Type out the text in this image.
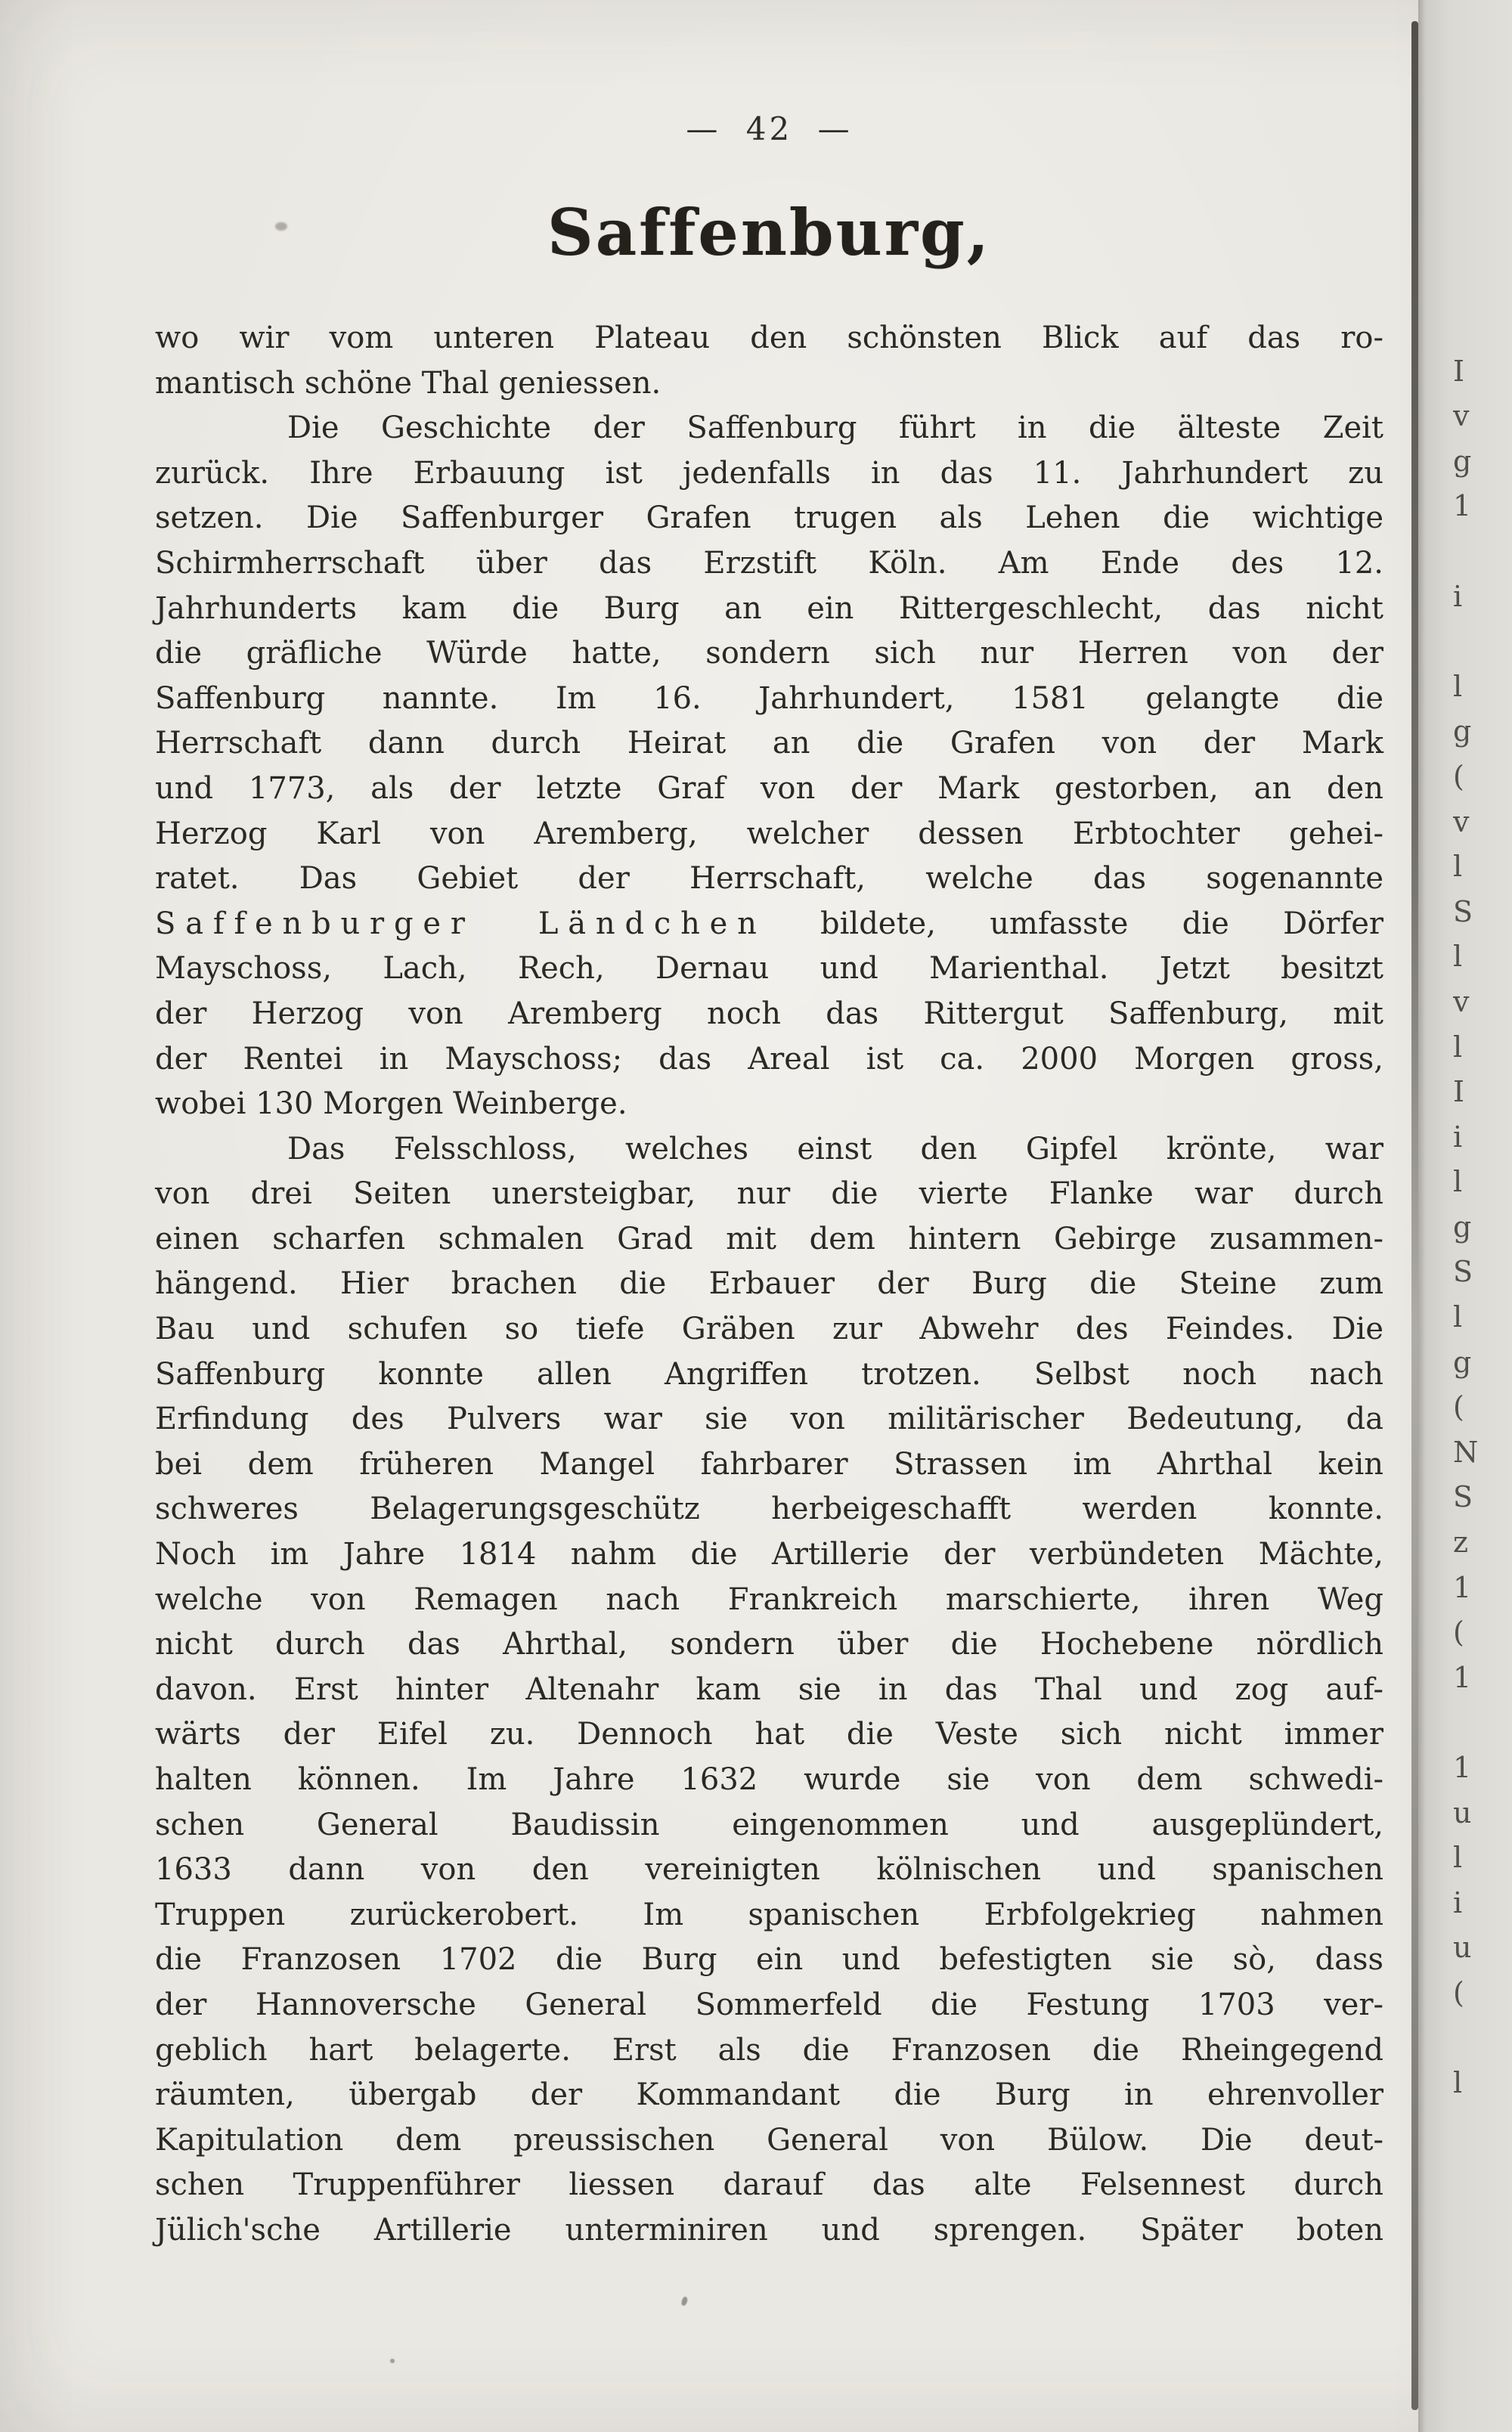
— 42 —
Saffenburg,
wo wir vom unteren Plateau den schönsten Blick auf das ro-
mantisch schöne Thal geniessen.
Die Geschichte der Saffenburg führt in die älteste Zeit
zurück. Ihre Erbauung ist jedenfalls in das 11. Jahrhundert zu
setzen. Die Saffenburger Grafen trugen als Lehen die wichtige
Schirmherrschaft über das Erzstift Köln. Am Ende des 12.
Jahrhunderts kam die Burg an ein Rittergeschlecht, das nicht
die gräfliche Würde hatte, sondern sich nur Herren von der
Saffenburg nannte. Im 16. Jahrhundert, 1581 gelangte die
Herrschaft dann durch Heirat an die Grafen von der Mark
und 1773, als der letzte Graf von der Mark gestorben, an den
Herzog Karl von Aremberg, welcher dessen Erbtochter gehei-
ratet. Das Gebiet der Herrschaft, welche das sogenannte
Saffenburger Ländchen bildete, umfasste die Dörfer
Mayschoss, Lach, Rech, Dernau und Marienthal. Jetzt besitzt
der Herzog von Aremberg noch das Rittergut Saffenburg, mit
der Rentei in Mayschoss; das Areal ist ca. 2000 Morgen gross,
wobei 130 Morgen Weinberge.
Das Felsschloss, welches einst den Gipfel krönte, war
von drei Seiten unersteigbar, nur die vierte Flanke war durch
einen scharfen schmalen Grad mit dem hintern Gebirge zusammen-
hängend. Hier brachen die Erbauer der Burg die Steine zum
Bau und schufen so tiefe Gräben zur Abwehr des Feindes. Die
Saffenburg konnte allen Angriffen trotzen. Selbst noch nach
Erfindung des Pulvers war sie von militärischer Bedeutung, da
bei dem früheren Mangel fahrbarer Strassen im Ahrthal kein
schweres Belagerungsgeschütz herbeigeschafft werden konnte.
Noch im Jahre 1814 nahm die Artillerie der verbündeten Mächte,
welche von Remagen nach Frankreich marschierte, ihren Weg
nicht durch das Ahrthal, sondern über die Hochebene nördlich
davon. Erst hinter Altenahr kam sie in das Thal und zog auf-
wärts der Eifel zu. Dennoch hat die Veste sich nicht immer
halten können. Im Jahre 1632 wurde sie von dem schwedi-
schen General Baudissin eingenommen und ausgeplündert,
1633 dann von den vereinigten kölnischen und spanischen
Truppen zurückerobert. Im spanischen Erbfolgekrieg nahmen
die Franzosen 1702 die Burg ein und befestigten sie sò, dass
der Hannoversche General Sommerfeld die Festung 1703 ver-
geblich hart belagerte. Erst als die Franzosen die Rheingegend
räumten, übergab der Kommandant die Burg in ehrenvoller
Kapitulation dem preussischen General von Bülow. Die deut-
schen Truppenführer liessen darauf das alte Felsennest durch
Jülich'sche Artillerie unterminiren und sprengen. Später boten
I
v
g
1
i
l
g
(
v
l
S
l
v
l
I
i
l
g
S
l
g
(
N
S
z
1
(
1
1
u
l
i
u
(
l
